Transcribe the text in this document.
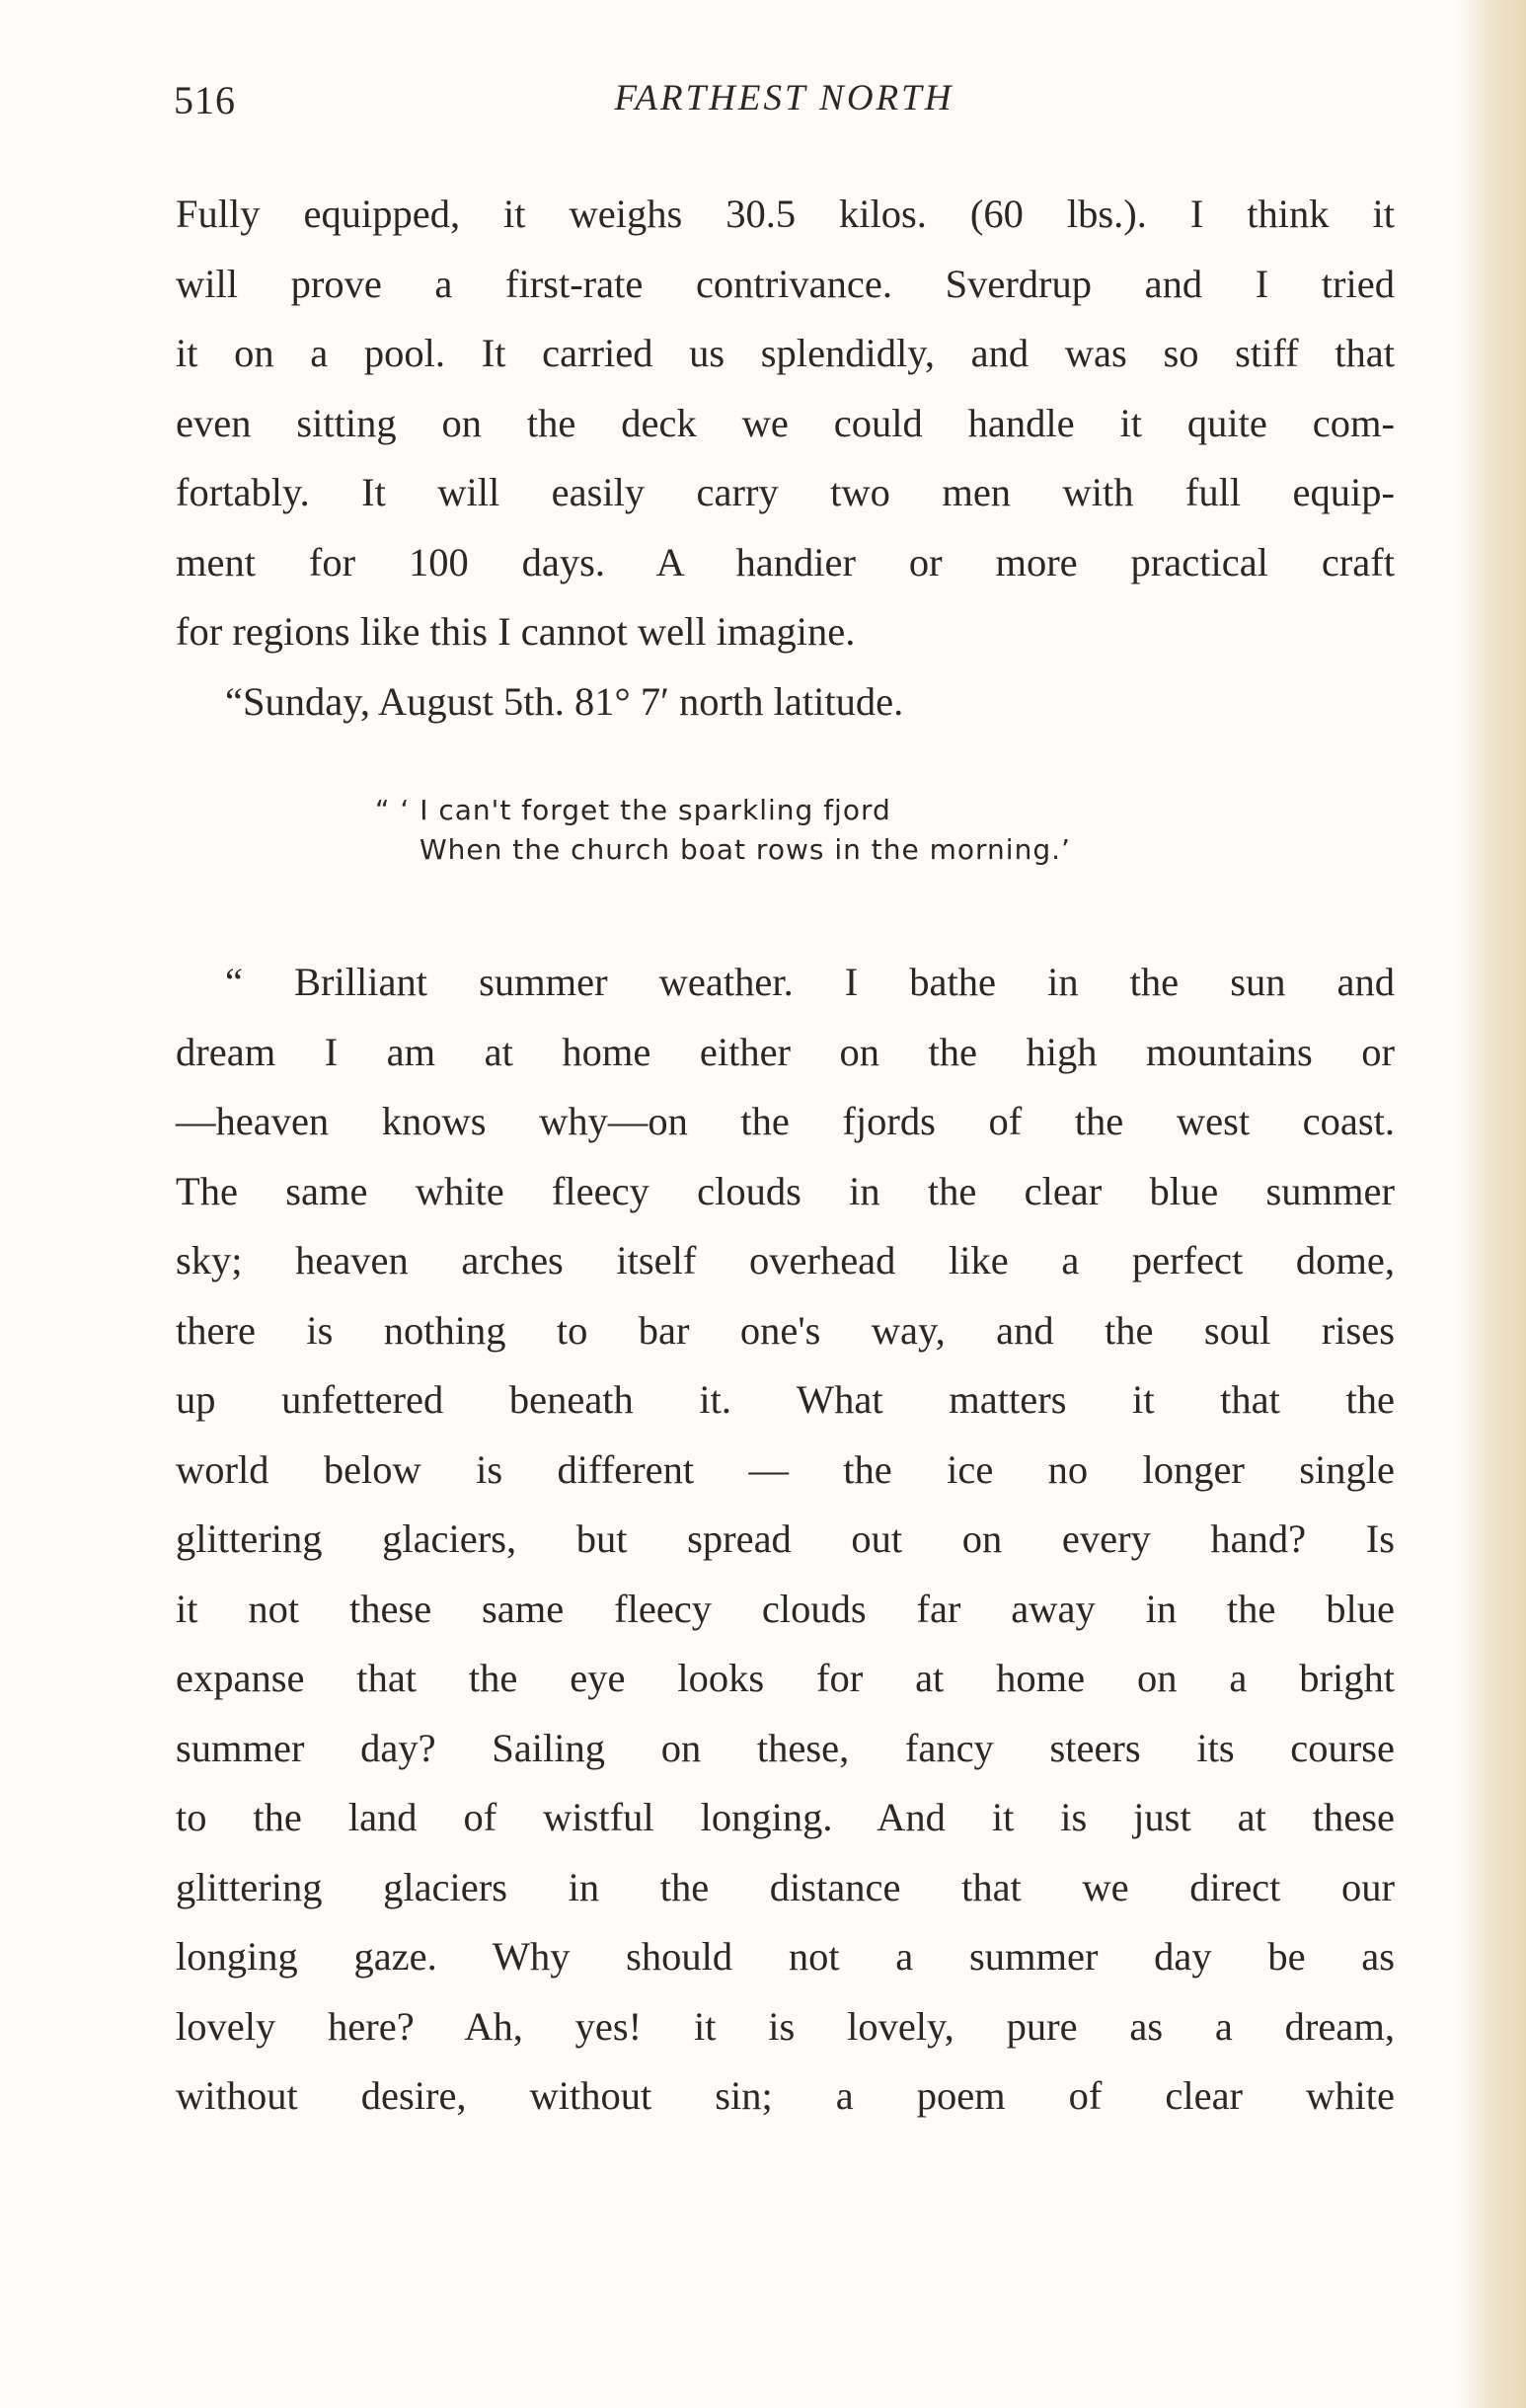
516	FARTHEST NORTH
Fully equipped, it weighs 30.5 kilos. (60 lbs.). I think it
will prove a first-rate contrivance. Sverdrup and I tried
it on a pool. It carried us splendidly, and was so stiff that
even sitting on the deck we could handle it quite com-
fortably. It will easily carry two men with full equip-
ment for 100 days. A handier or more practical craft
for regions like this I cannot well imagine.
“Sunday, August 5th. 81° 7′ north latitude.
“ ‘ I can't forget the sparkling fjord
When the church boat rows in the morning.’
“ Brilliant summer weather. I bathe in the sun and
dream I am at home either on the high mountains or
—heaven knows why—on the fjords of the west coast.
The same white fleecy clouds in the clear blue summer
sky; heaven arches itself overhead like a perfect dome,
there is nothing to bar one's way, and the soul rises
up unfettered beneath it. What matters it that the
world below is different — the ice no longer single
glittering glaciers, but spread out on every hand? Is
it not these same fleecy clouds far away in the blue
expanse that the eye looks for at home on a bright
summer day? Sailing on these, fancy steers its course
to the land of wistful longing. And it is just at these
glittering glaciers in the distance that we direct our
longing gaze. Why should not a summer day be as
lovely here? Ah, yes! it is lovely, pure as a dream,
without desire, without sin; a poem of clear white
